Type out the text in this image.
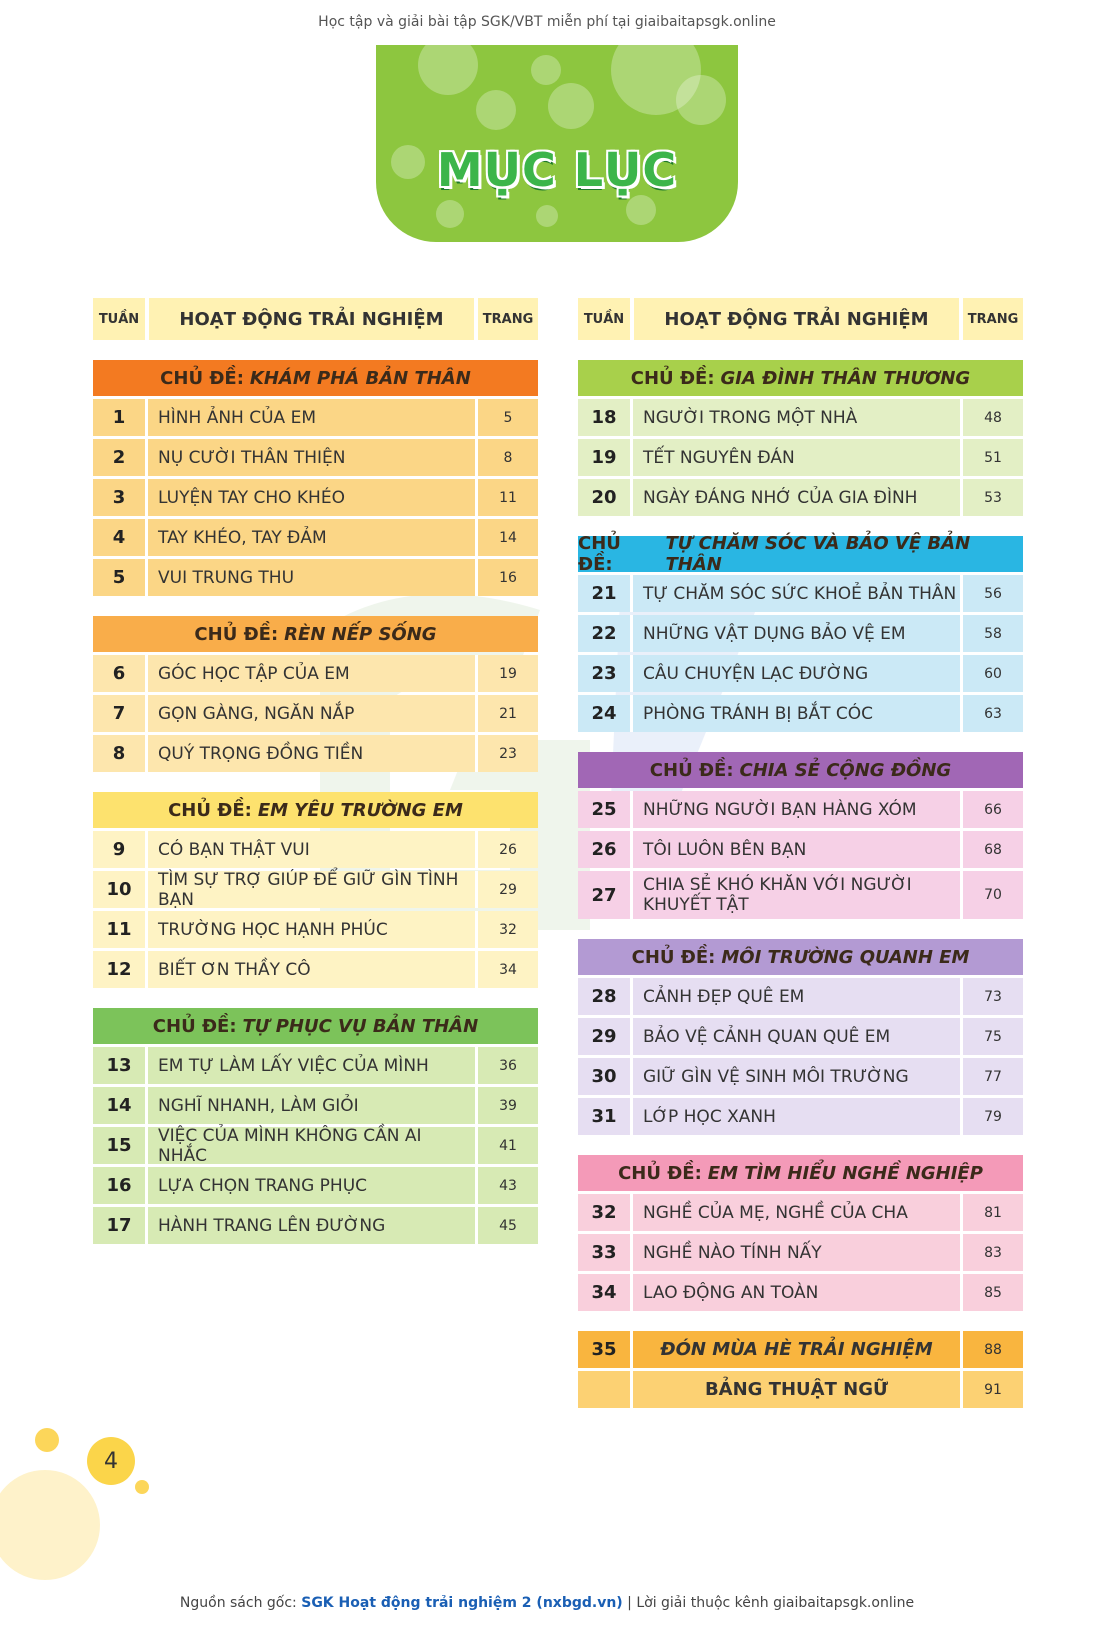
Học tập và giải bài tập SGK/VBT miễn phí tại giaibaitapsgk.online
MỤC LỤC
TUẦN	HOẠT ĐỘNG TRẢI NGHIỆM	TRANG
CHỦ ĐỀ: KHÁM PHÁ BẢN THÂN
1	HÌNH ẢNH CỦA EM	5
2	NỤ CƯỜI THÂN THIỆN	8
3	LUYỆN TAY CHO KHÉO	11
4	TAY KHÉO, TAY ĐẢM	14
5	VUI TRUNG THU	16
CHỦ ĐỀ: RÈN NẾP SỐNG
6	GÓC HỌC TẬP CỦA EM	19
7	GỌN GÀNG, NGĂN NẮP	21
8	QUÝ TRỌNG ĐỒNG TIỀN	23
CHỦ ĐỀ: EM YÊU TRƯỜNG EM
9	CÓ BẠN THẬT VUI	26
10	TÌM SỰ TRỢ GIÚP ĐỂ GIỮ GÌN TÌNH BẠN	29
11	TRƯỜNG HỌC HẠNH PHÚC	32
12	BIẾT ƠN THẦY CÔ	34
CHỦ ĐỀ: TỰ PHỤC VỤ BẢN THÂN
13	EM TỰ LÀM LẤY VIỆC CỦA MÌNH	36
14	NGHĨ NHANH, LÀM GIỎI	39
15	VIỆC CỦA MÌNH KHÔNG CẦN AI NHẮC	41
16	LỰA CHỌN TRANG PHỤC	43
17	HÀNH TRANG LÊN ĐƯỜNG	45
TUẦN	HOẠT ĐỘNG TRẢI NGHIỆM	TRANG
CHỦ ĐỀ: GIA ĐÌNH THÂN THƯƠNG
18	NGƯỜI TRONG MỘT NHÀ	48
19	TẾT NGUYÊN ĐÁN	51
20	NGÀY ĐÁNG NHỚ CỦA GIA ĐÌNH	53
CHỦ ĐỀ:
TỰ CHĂM SÓC VÀ BẢO VỆ BẢN THÂN
21	TỰ CHĂM SÓC SỨC KHOẺ BẢN THÂN	56
22	NHỮNG VẬT DỤNG BẢO VỆ EM	58
23	CÂU CHUYỆN LẠC ĐƯỜNG	60
24	PHÒNG TRÁNH BỊ BẮT CÓC	63
CHỦ ĐỀ: CHIA SẺ CỘNG ĐỒNG
25	NHỮNG NGƯỜI BẠN HÀNG XÓM	66
26	TÔI LUÔN BÊN BẠN	68
27	CHIA SẺ KHÓ KHĂN VỚI NGƯỜI KHUYẾT TẬT	70
CHỦ ĐỀ: MÔI TRƯỜNG QUANH EM
28	CẢNH ĐẸP QUÊ EM	73
29	BẢO VỆ CẢNH QUAN QUÊ EM	75
30	GIỮ GÌN VỆ SINH MÔI TRƯỜNG	77
31	LỚP HỌC XANH	79
CHỦ ĐỀ: EM TÌM HIỂU NGHỀ NGHIỆP
32	NGHỀ CỦA MẸ, NGHỀ CỦA CHA	81
33	NGHỀ NÀO TÍNH NẤY	83
34	LAO ĐỘNG AN TOÀN	85
35	ĐÓN MÙA HÈ TRẢI NGHIỆM	88
BẢNG THUẬT NGỮ	91
4
Nguồn sách gốc: SGK Hoạt động trải nghiệm 2 (nxbgd.vn) | Lời giải thuộc kênh giaibaitapsgk.online
